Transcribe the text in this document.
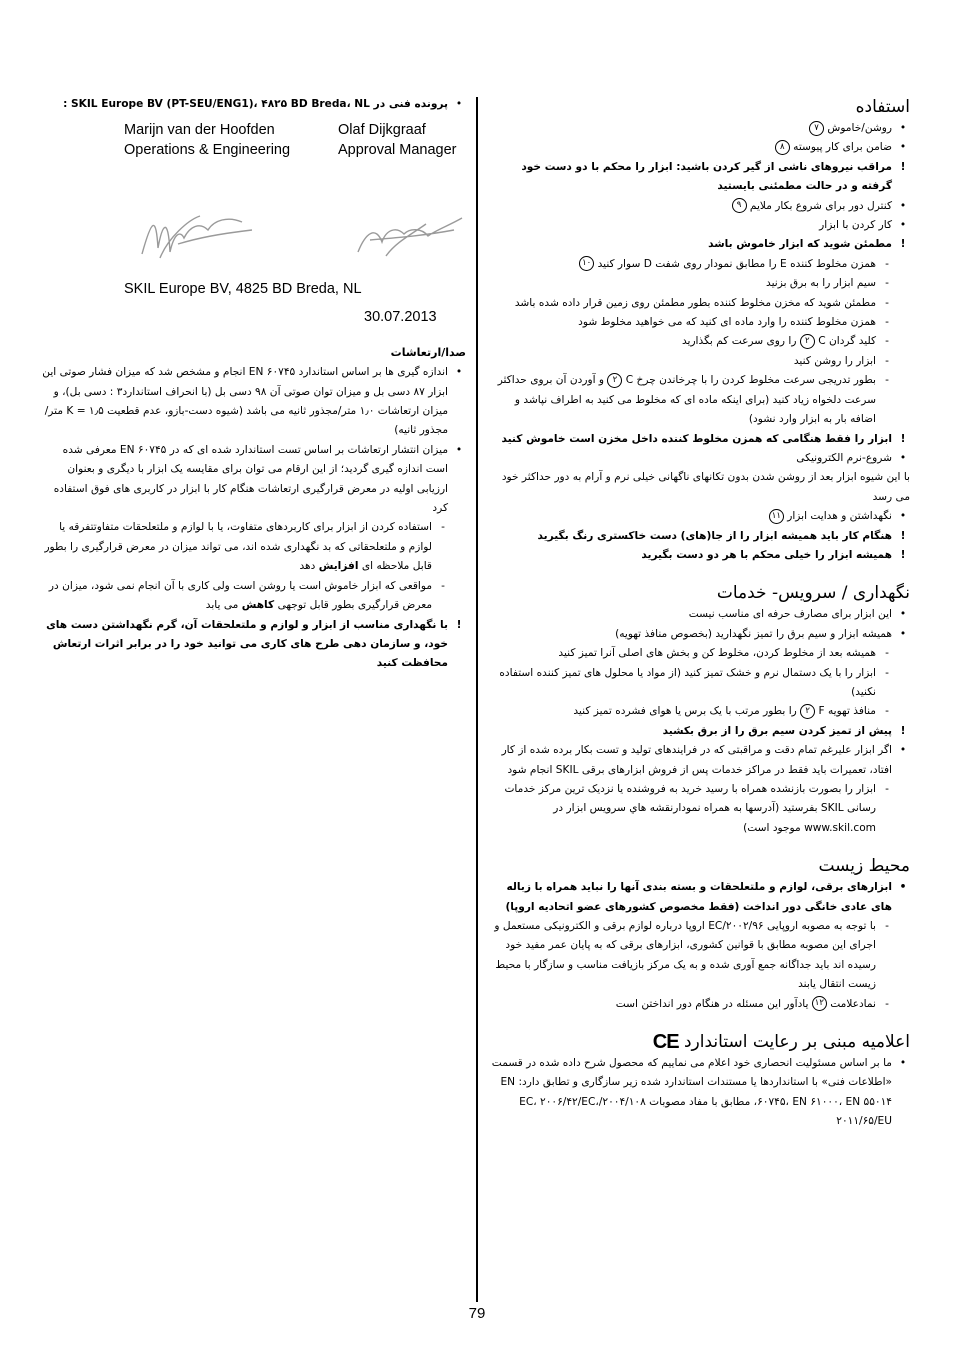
استفاده
•
روشن/خاموش ۷
•
ضامن برای کار پیوسته ۸
!
مراقب نیروهای ناشی از گیر کردن باشید: ابزار را محکم با دو دست خود گرفته و در حالت مطمئنی بایستید
•
کنترل دور برای شروع بکار ملایم ۹
•
کار کردن با ابزار
!
مطمئن شوید که ابزار خاموش باشد
-
همزن مخلوط کننده E را مطابق نمودار روی شفت D سوار کنید ۱۰
-
سیم ابزار را به برق بزنید
-
مطمئن شوید که مخزن مخلوط کننده بطور مطمئن روی زمین قرار داده شده باشد
-
همزن مخلوط کننده را وارد ماده ای کنید که می خواهید مخلوط شود
-
کلید گردان C ۲ را روی سرعت کم بگذارید
-
ابزار را روشن کنید
-
بطور تدریجی سرعت مخلوط کردن را با چرخاندن چرخ C ۲ و آوردن آن بروی حداکثر سرعت دلخواه زیاد کنید (برای اینکه ماده ای که مخلوط می کنید به اطراف نپاشد و اضافه بار به ابزار وارد نشود)
!
ابزار را فقط هنگامی که همزن مخلوط کننده داخل مخزن است خاموش کنید
•
شروع-نرم الکترونیکی
با این شیوه ابزار بعد از روشن شدن بدون تکانهای ناگهانی خیلی نرم و آرام به دور حداکثر خود می رسد
•
نگهداشتن و هدایت ابزار ۱۱
!
هنگام کار باید همیشه ابزار را از جا(های) دست خاکستری رنگ بگیرید
!
همیشه ابزار را خیلی محکم با هر دو دست بگیرید
نگهداری / سرویس- خدمات
•
این ابزار برای مصارف حرفه ای مناسب نیست
•
همیشه ابزار و سیم برق را تمیز نگهدارید (بخصوص منافذ تهویه)
-
همیشه بعد از مخلوط کردن، مخلوط کن و بخش های اصلی آنرا تمیز کنید
-
ابزار را با یک دستمال نرم و خشک تمیز کنید (از مواد یا محلول های تمیز کننده استفاده نکنید)
-
منافذ تهویه F ۲ را بطور مرتب با یک برس یا هوای فشرده تمیز کنید
!
پیش از تمیز کردن سیم برق را از برق بکشید
•
اگر ابزار علیرغم تمام دقت و مراقبتی که در فرایندهای تولید و تست بکار برده شده از کار افتاد، تعمیرات باید فقط در مراکز خدمات پس از فروش ابزارهای برقی SKIL انجام شود
-
ابزار را بصورت بازنشده همراه با رسید خرید به فروشنده یا نزدیک ترین مرکز خدمات رسانی SKIL بفرستید (آدرسها به همراه نمودارنقشه هاي سرويس ابزار در www.skil.com موجود است)
محیط زیست
•
ابزارهای برقی، لوازم و ملتعلحقات و بسته بندی آنها را نباید همراه با زباله های عادی خانگی دور انداخت (فقط مخصوص کشورهای عضو اتحادیه اروپا)
-
با توجه به مصوبه اروپایی ۲۰۰۲/۹۶/EC اروپا درباره لوازم برقی و الکترونیکی مستعمل و اجرای این مصوبه مطابق با قوانین کشوری، ابزارهای برقی که به پایان عمر مفید خود رسیده اند باید جداگانه جمع آوری شده و به یک مرکز بازیافت مناسب و سازگار با محیط زیست انتقال یابند
-
نمادعلامت ۱۲ یادآور این مسئله در هنگام دور انداختن است
اعلامیه مبنی بر رعایت استاندارد CE
•
ما بر اساس مسئولیت انحصاری خود اعلام می نماییم که محصول شرح داده شده در قسمت «اطلاعات فنی» با استانداردها یا مستندات استاندارد شده زیر سازگاری و تطابق دارد: EN ۶۰۷۴۵، EN ۶۱۰۰۰، EN ۵۵۰۱۴، مطابق با مفاد مصوبات ۲۰۰۴/۱۰۸/EC، ۲۰۰۶/۴۲/EC، ۲۰۱۱/۶۵/EU
•
پرونده فنی در SKIL Europe BV (PT-SEU/ENG1)، ۴۸۲۵ BD Breda، NL :
Marijn van der Hoofden
Operations & Engineering
Olaf Dijkgraaf
Approval Manager
SKIL Europe BV, 4825 BD Breda, NL
30.07.2013
صدا/ارتعاشات
•
اندازه گیری ها بر اساس استاندارد EN ۶۰۷۴۵ انجام و مشخص شد که میزان فشار صوتی این ابزار ۸۷ دسی بل و میزان توان صوتی آن ۹۸ دسی بل (با انحراف استاندارد۳ : دسی بل)، و میزان ارتعاشات ۱٫۰ متر/مجذور ثانیه می باشد (شیوه دست-بازو، عدم قطعیت K = ۱٫۵ متر/مجذور ثانیه)
•
میزان انتشار ارتعاشات بر اساس تست استاندارد شده ای که در EN ۶۰۷۴۵ معرفی شده است اندازه گیری گردید؛ از این ارقام می توان برای مقایسه یک ابزار با دیگری و بعنوان ارزیابی اولیه در معرض قرارگیری ارتعاشات هنگام کار با ابزار در کاربری های فوق استفاده کرد
-
استفاده کردن از ابزار برای کاربردهای متفاوت، یا با لوازم و ملتعلحقات متفاوتتفرقه یا لوازم و ملتعلحقاتی که بد نگهداری شده اند، می تواند میزان در معرض قرارگیری را بطور قابل ملاحظه ای افزایش دهد
-
مواقعی که ابزار خاموش است یا روشن است ولی کاری با آن انجام نمی شود، میزان در معرض قرارگیری بطور قابل توجهی کاهش می یابد
!
با نگهداری مناسب از ابزار و لوازم و ملتعلحقات آن، گرم نگهداشتن دست های خود، و سازمان دهی طرح های کاری می توانید خود را در برابر اثرات ارتعاش محافظت کنید
79
